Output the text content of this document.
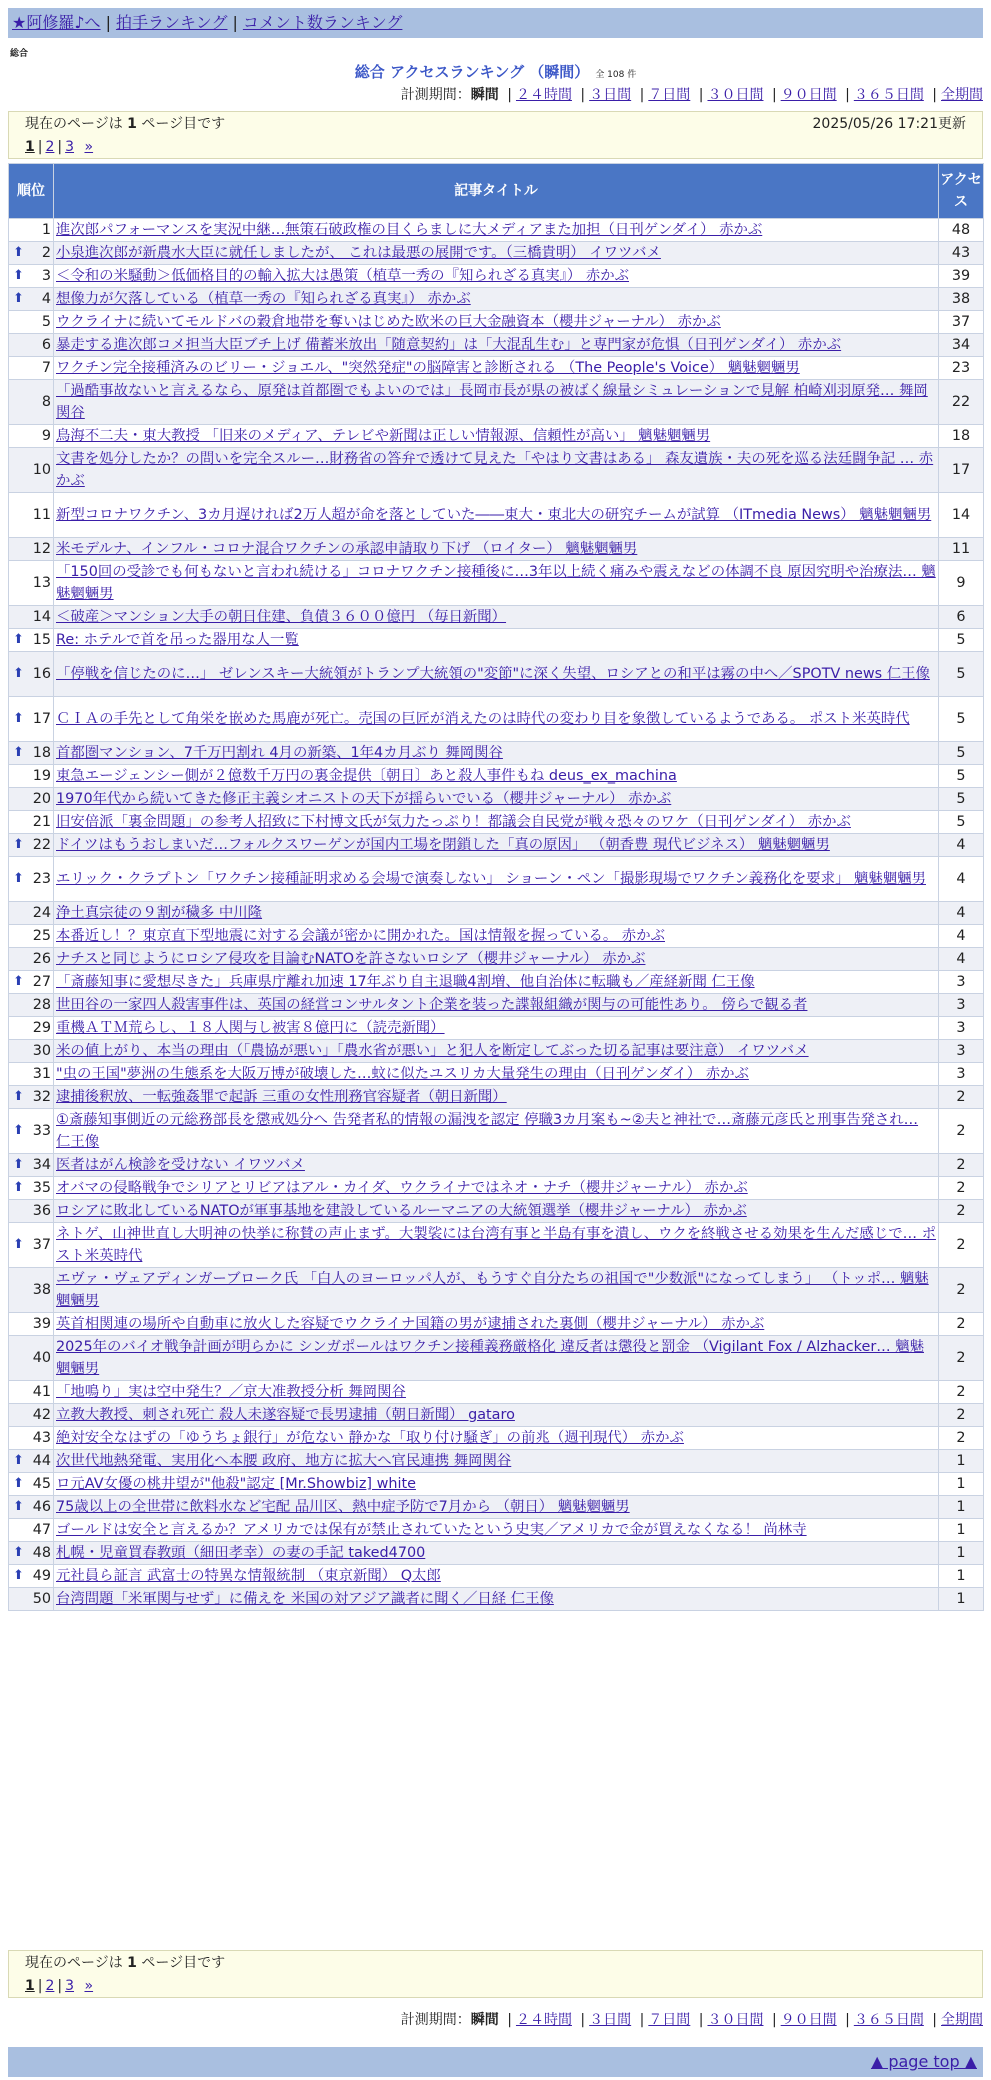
★阿修羅♪へ | 拍手ランキング | コメント数ランキング
総合
総合 アクセスランキング （瞬間） 全 108 件
計測期間：瞬間 | ２４時間 | ３日間 | ７日間 | ３０日間 | ９０日間 | ３６５日間 | 全期間
現在のページは 1 ページ目です	2025/05/26 17:21更新
1 | 2 | 3 »
順位	記事タイトル	アクセス
1	進次郎パフォーマンスを実況中継…無策石破政権の目くらましに大メディアまた加担（日刊ゲンダイ） 赤かぶ	48

⬆ 2	小泉進次郎が新農水大臣に就任しましたが、 これは最悪の展開です。（三橋貴明） イワツバメ	43

⬆ 3	＜令和の米騒動＞低価格目的の輸入拡大は愚策（植草一秀の『知られざる真実』） 赤かぶ	39

⬆ 4	想像力が欠落している（植草一秀の『知られざる真実』） 赤かぶ	38
5	ウクライナに続いてモルドバの穀倉地帯を奪いはじめた欧米の巨大金融資本（櫻井ジャーナル） 赤かぶ	37
6	暴走する進次郎コメ担当大臣ブチ上げ 備蓄米放出「随意契約」は「大混乱生む」と専門家が危惧（日刊ゲンダイ） 赤かぶ	34
7	ワクチン完全接種済みのビリー・ジョエル、"突然発症"の脳障害と診断される （The People's Voice） 魑魅魍魎男	23
8	「過酷事故ないと言えるなら、原発は首都圏でもよいのでは」長岡市長が県の被ばく線量シミュレーションで見解 柏崎刈羽原発… 舞岡関谷	22
9	鳥海不二夫・東大教授 「旧来のメディア、テレビや新聞は正しい情報源、信頼性が高い」 魑魅魍魎男	18
10	文書を処分したか？の問いを完全スルー…財務省の答弁で透けて見えた「やはり文書はある」 森友遺族・夫の死を巡る法廷闘争記 … 赤かぶ	17
11	新型コロナワクチン、3カ月遅ければ2万人超が命を落としていた――東大・東北大の研究チームが試算 （ITmedia News） 魑魅魍魎男	14
12	米モデルナ、インフル・コロナ混合ワクチンの承認申請取り下げ （ロイター） 魑魅魍魎男	11
13	「150回の受診でも何もないと言われ続ける」コロナワクチン接種後に…3年以上続く痛みや震えなどの体調不良 原因究明や治療法… 魑魅魍魎男	9
14	＜破産＞マンション大手の朝日住建、負債３６００億円 （毎日新聞）	6

⬆ 15	Re: ホテルで首を吊った器用な人一覧	5

⬆ 16	「停戦を信じたのに…」 ゼレンスキー大統領がトランプ大統領の"変節"に深く失望、ロシアとの和平は霧の中へ／SPOTV news 仁王像	5

⬆ 17	ＣＩＡの手先として角栄を嵌めた馬鹿が死亡。売国の巨匠が消えたのは時代の変わり目を象徴しているようである。 ポスト米英時代	5

⬆ 18	首都圏マンション、7千万円割れ 4月の新築、1年4カ月ぶり 舞岡関谷	5
19	東急エージェンシー側が２億数千万円の裏金提供〔朝日〕あと殺人事件もね deus_ex_machina	5
20	1970年代から続いてきた修正主義シオニストの天下が揺らいでいる（櫻井ジャーナル） 赤かぶ	5
21	旧安倍派「裏金問題」の参考人招致に下村博文氏が気力たっぷり！都議会自民党が戦々恐々のワケ（日刊ゲンダイ） 赤かぶ	5

⬆ 22	ドイツはもうおしまいだ…フォルクスワーゲンが国内工場を閉鎖した「真の原因」 （朝香豊 現代ビジネス） 魑魅魍魎男	4

⬆ 23	エリック・クラプトン「ワクチン接種証明求める会場で演奏しない」 ショーン・ペン「撮影現場でワクチン義務化を要求」 魑魅魍魎男	4
24	浄土真宗徒の９割が穢多 中川隆	4
25	本番近し！？東京直下型地震に対する会議が密かに開かれた。国は情報を握っている。 赤かぶ	4
26	ナチスと同じようにロシア侵攻を目論むNATOを許さないロシア（櫻井ジャーナル） 赤かぶ	4

⬆ 27	「斎藤知事に愛想尽きた」兵庫県庁離れ加速 17年ぶり自主退職4割増、他自治体に転職も／産経新聞 仁王像	3
28	世田谷の一家四人殺害事件は、英国の経営コンサルタント企業を装った諜報組織が関与の可能性あり。 傍らで観る者	3
29	重機ＡＴＭ荒らし、１８人関与し被害８億円に（読売新聞）	3
30	米の値上がり、本当の理由（「農協が悪い」「農水省が悪い」と犯人を断定してぶった切る記事は要注意） イワツバメ	3
31	"虫の王国"夢洲の生態系を大阪万博が破壊した…蚊に似たユスリカ大量発生の理由（日刊ゲンダイ） 赤かぶ	3

⬆ 32	逮捕後釈放、一転強姦罪で起訴 三重の女性刑務官容疑者（朝日新聞）	2

⬆ 33	①斎藤知事側近の元総務部長を懲戒処分へ 告発者私的情報の漏洩を認定 停職3カ月案も~②夫と神社で…斎藤元彦氏と刑事告発され… 仁王像	2

⬆ 34	医者はがん検診を受けない イワツバメ	2

⬆ 35	オバマの侵略戦争でシリアとリビアはアル・カイダ、ウクライナではネオ・ナチ（櫻井ジャーナル） 赤かぶ	2
36	ロシアに敗北しているNATOが軍事基地を建設しているルーマニアの大統領選挙（櫻井ジャーナル） 赤かぶ	2

⬆ 37	ネトゲ、山神世直し大明神の快挙に称賛の声止まず。大製裟には台湾有事と半島有事を潰し、ウクを終戦させる効果を生んだ感じで… ポスト米英時代	2
38	エヴァ・ヴェアディンガーブローク氏 「白人のヨーロッパ人が、もうすぐ自分たちの祖国で"少数派"になってしまう」 （トッポ… 魑魅魍魎男	2
39	英首相関連の場所や自動車に放火した容疑でウクライナ国籍の男が逮捕された裏側（櫻井ジャーナル） 赤かぶ	2
40	2025年のバイオ戦争計画が明らかに シンガポールはワクチン接種義務厳格化 違反者は懲役と罰金 （Vigilant Fox / Alzhacker… 魑魅魍魎男	2
41	「地鳴り」実は空中発生？／京大准教授分析 舞岡関谷	2
42	立教大教授、刺され死亡 殺人未遂容疑で長男逮捕（朝日新聞） gataro	2
43	絶対安全なはずの「ゆうちょ銀行」が危ない 静かな「取り付け騒ぎ」の前兆（週刊現代） 赤かぶ	2

⬆ 44	次世代地熱発電、実用化へ本腰 政府、地方に拡大へ官民連携 舞岡関谷	1

⬆ 45	ロ元AV女優の桃井望が"他殺"認定 [Mr.Showbiz] white	1

⬆ 46	75歳以上の全世帯に飲料水など宅配 品川区、熱中症予防で7月から （朝日） 魑魅魍魎男	1
47	ゴールドは安全と言えるか？アメリカでは保有が禁止されていたという史実／アメリカで金が買えなくなる！ 尚林寺	1

⬆ 48	札幌・児童買春教頭（細田孝幸）の妻の手記 taked4700	1

⬆ 49	元社員ら証言 武富士の特異な情報統制 （東京新聞） Q太郎	1
50	台湾問題「米軍関与せず」に備えを 米国の対アジア識者に聞く／日経 仁王像	1
現在のページは 1 ページ目です
1 | 2 | 3 »
計測期間：瞬間 | ２４時間 | ３日間 | ７日間 | ３０日間 | ９０日間 | ３６５日間 | 全期間
▲ page top ▲
